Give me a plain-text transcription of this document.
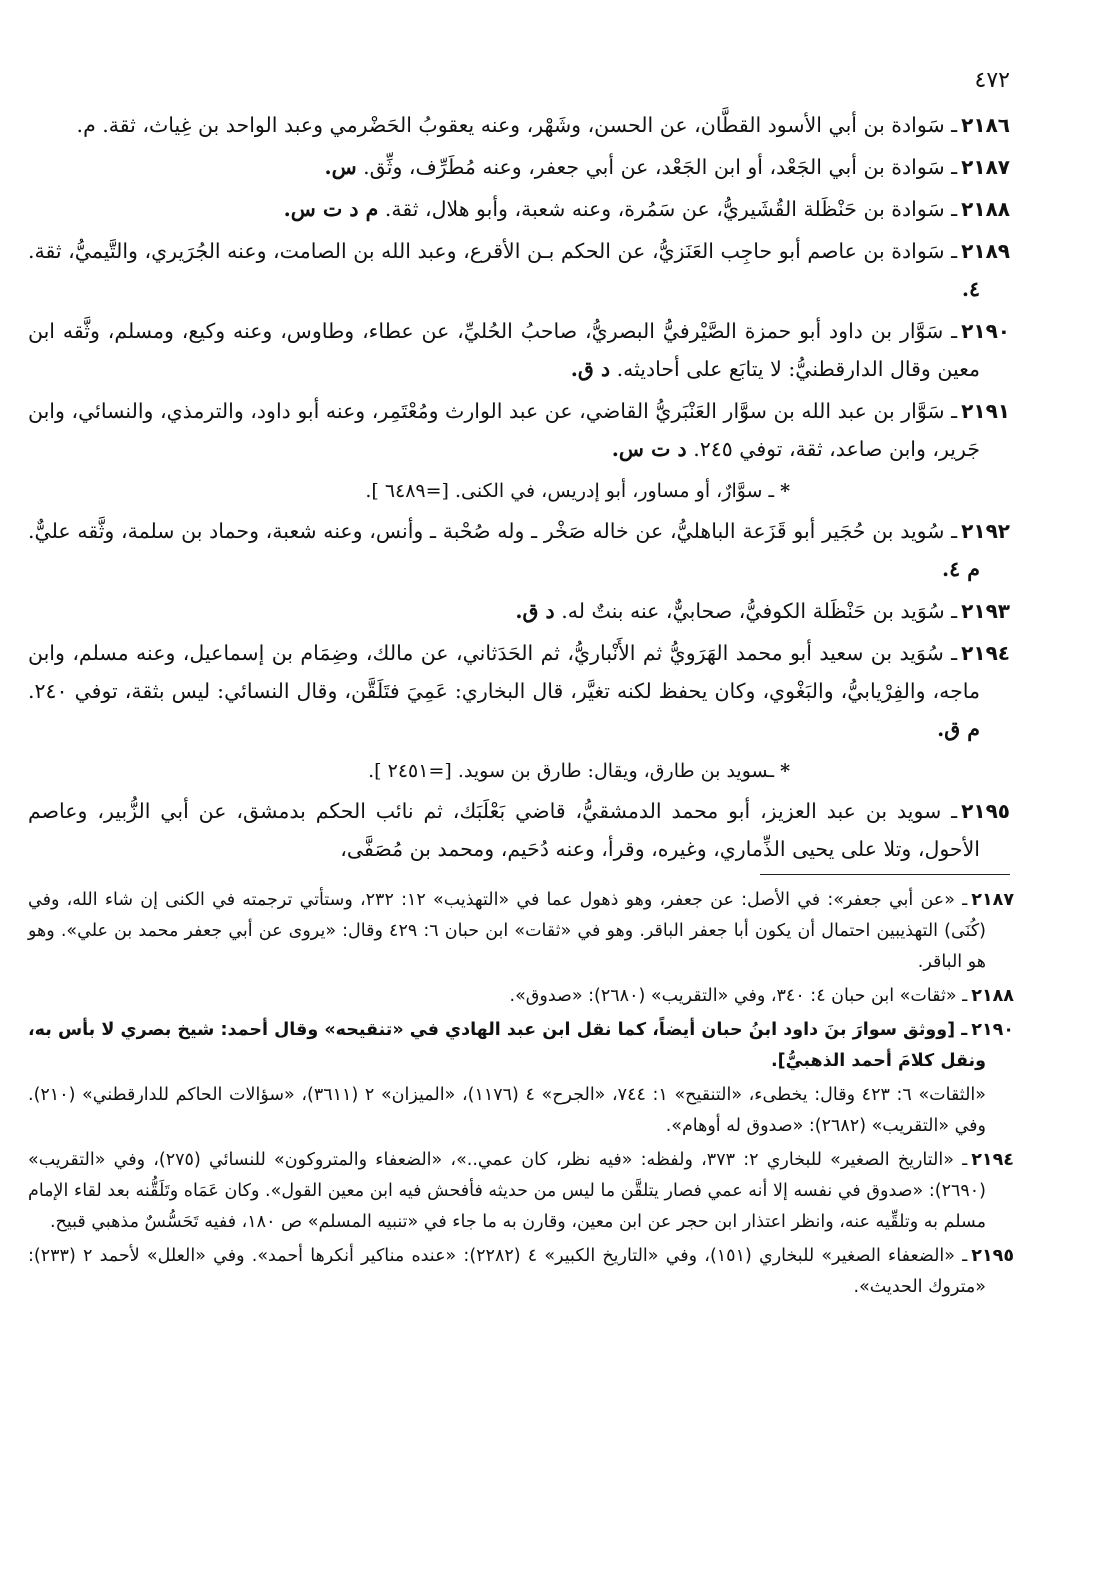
٤٧٢

٢١٨٦ـ سَوادة بن أبي الأسود القطَّان، عن الحسن، وشَهْر، وعنه يعقوبُ الحَضْرمي وعبد الواحد بن غِياث، ثقة. م.

٢١٨٧ـ سَوادة بن أبي الجَعْد، أو ابن الجَعْد، عن أبي جعفر، وعنه مُطَرِّف، وثِّق. س.

٢١٨٨ـ سَوادة بن حَنْظَلة القُشَيريُّ، عن سَمُرة، وعنه شعبة، وأبو هلال، ثقة. م د ت س.

٢١٨٩ـ سَوادة بن عاصم أبو حاجِب العَنَزيُّ، عن الحكم بـن الأقرع، وعبد الله بن الصامت، وعنه الجُرَيري، والتَّيميُّ، ثقة. ٤.

٢١٩٠ـ سَوَّار بن داود أبو حمزة الصَّيْرفيُّ البصريُّ، صاحبُ الحُليِّ، عن عطاء، وطاوس، وعنه وكيع، ومسلم، وثَّقه ابن معين وقال الدارقطنيُّ: لا يتابَع على أحاديثه. د ق.

٢١٩١ـ سَوَّار بن عبد الله بن سوَّار العَنْبَريُّ القاضي، عن عبد الوارث ومُعْتَمِر، وعنه أبو داود، والترمذي، والنسائي، وابن جَرير، وابن صاعد، ثقة، توفي ٢٤٥. د ت س.

*ـ سوَّارٌ، أو مساور، أبو إدريس، في الكنى. [=٦٤٨٩ ].

٢١٩٢ـ سُويد بن حُجَير أبو قَزَعة الباهليُّ، عن خاله صَخْر ـ وله صُحْبة ـ وأنس، وعنه شعبة، وحماد بن سلمة، وثَّقه عليٌّ. م ٤.

٢١٩٣ـ سُوَيد بن حَنْظَلة الكوفيُّ، صحابيٌّ، عنه بنتٌ له. د ق.

٢١٩٤ـ سُوَيد بن سعيد أبو محمد الهَرَويُّ ثم الأَنْباريُّ، ثم الحَدَثاني، عن مالك، وضِمَام بن إسماعيل، وعنه مسلم، وابن ماجه، والفِرْيابيُّ، والبَغْوي، وكان يحفظ لكنه تغيَّر، قال البخاري: عَمِيَ فتَلَقَّن، وقال النسائي: ليس بثقة، توفي ٢٤٠. م ق.

*ـسويد بن طارق، ويقال: طارق بن سويد. [=٢٤٥١ ].

٢١٩٥ـ سويد بن عبد العزيز، أبو محمد الدمشقيُّ، قاضي بَعْلَبَك، ثم نائب الحكم بدمشق، عن أبي الزُّبير، وعاصم الأحول، وتلا على يحيى الذِّماري، وغيره، وقرأ، وعنه دُحَيم، ومحمد بن مُصَفَّى،

٢١٨٧ـ «عن أبي جعفر»: في الأصل: عن جعفر، وهو ذهول عما في «التهذيب» ١٢: ٢٣٢، وستأتي ترجمته في الكنى إن شاء الله، وفي (كُنَى) التهذيبين احتمال أن يكون أبا جعفر الباقر. وهو في «ثقات» ابن حبان ٦: ٤٢٩ وقال: «يروى عن أبي جعفر محمد بن علي». وهو هو الباقر.

٢١٨٨ـ «ثقات» ابن حبان ٤: ٣٤٠، وفي «التقريب» (٢٦٨٠): «صدوق».

٢١٩٠ـ [ووثق سوارَ بنَ داود ابنُ حبان أيضاً، كما نقل ابن عبد الهادي في «تنقيحه» وقال أحمد: شيخ بصري لا بأس به، ونقل كلامَ أحمد الذهبيُّ].

«الثقات» ٦: ٤٢٣ وقال: يخطىء، «التنقيح» ١: ٧٤٤، «الجرح» ٤ (١١٧٦)، «الميزان» ٢ (٣٦١١)، «سؤالات الحاكم للدارقطني» (٢١٠). وفي «التقريب» (٢٦٨٢): «صدوق له أوهام».

٢١٩٤ـ «التاريخ الصغير» للبخاري ٢: ٣٧٣، ولفظه: «فيه نظر، كان عمي..»، «الضعفاء والمتروكون» للنسائي (٢٧٥)، وفي «التقريب» (٢٦٩٠): «صدوق في نفسه إلا أنه عمي فصار يتلقَّن ما ليس من حديثه فأفحش فيه ابن معين القول». وكان عَمَاه وتَلَقُّنه بعد لقاء الإمام مسلم به وتلقِّيه عنه، وانظر اعتذار ابن حجر عن ابن معين، وقارن به ما جاء في «تنبيه المسلم» ص ١٨٠، ففيه تَحَسُّسٌ مذهبي قبيح.

٢١٩٥ـ «الضعفاء الصغير» للبخاري (١٥١)، وفي «التاريخ الكبير» ٤ (٢٢٨٢): «عنده مناكير أنكرها أحمد». وفي «العلل» لأحمد ٢ (٢٣٣): «متروك الحديث».
